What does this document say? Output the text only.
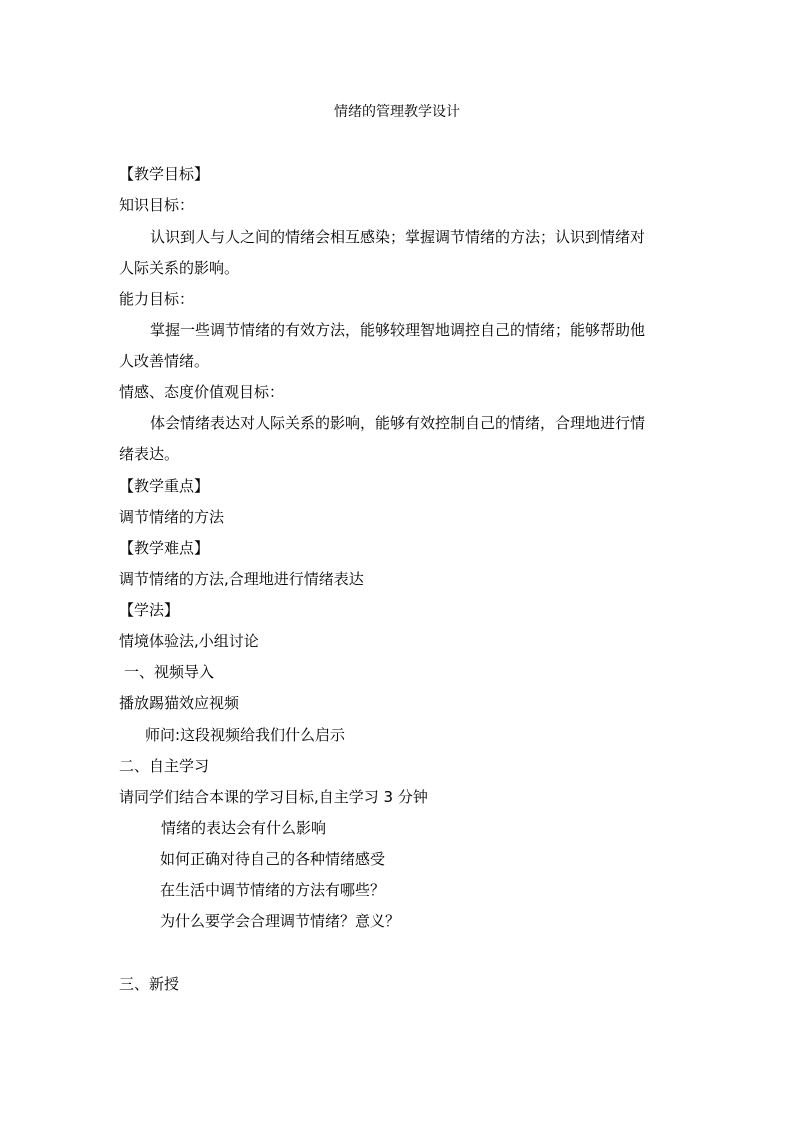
情绪的管理教学设计
【教学目标】
知识目标：
认识到人与人之间的情绪会相互感染；掌握调节情绪的方法；认识到情绪对
人际关系的影响。
能力目标：
掌握一些调节情绪的有效方法，能够较理智地调控自己的情绪；能够帮助他
人改善情绪。
情感、态度价值观目标：
体会情绪表达对人际关系的影响，能够有效控制自己的情绪，合理地进行情
绪表达。
【教学重点】
调节情绪的方法
【教学难点】
调节情绪的方法,合理地进行情绪表达
【学法】
情境体验法,小组讨论
一、视频导入
播放踢猫效应视频
师问:这段视频给我们什么启示
二、自主学习
请同学们结合本课的学习目标,自主学习 3 分钟
情绪的表达会有什么影响
如何正确对待自己的各种情绪感受
在生活中调节情绪的方法有哪些？
为什么要学会合理调节情绪？意义？
三、新授
